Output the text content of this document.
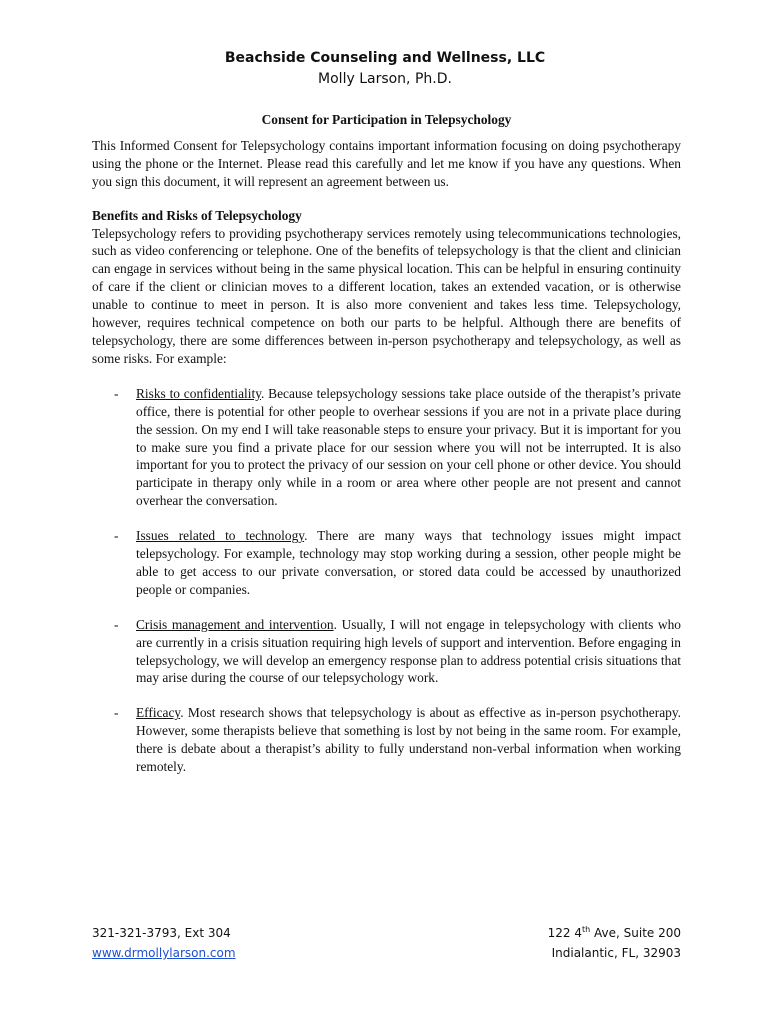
Beachside Counseling and Wellness, LLC
Molly Larson, Ph.D.

Consent for Participation in Telepsychology

This Informed Consent for Telepsychology contains important information focusing on doing psychotherapy using the phone or the Internet. Please read this carefully and let me know if you have any questions. When you sign this document, it will represent an agreement between us.

Benefits and Risks of Telepsychology

Telepsychology refers to providing psychotherapy services remotely using telecommunications technologies, such as video conferencing or telephone. One of the benefits of telepsychology is that the client and clinician can engage in services without being in the same physical location. This can be helpful in ensuring continuity of care if the client or clinician moves to a different location, takes an extended vacation, or is otherwise unable to continue to meet in person. It is also more convenient and takes less time. Telepsychology, however, requires technical competence on both our parts to be helpful. Although there are benefits of telepsychology, there are some differences between in-person psychotherapy and telepsychology, as well as some risks. For example:

-	Risks to confidentiality. Because telepsychology sessions take place outside of the therapist’s private office, there is potential for other people to overhear sessions if you are not in a private place during the session. On my end I will take reasonable steps to ensure your privacy. But it is important for you to make sure you find a private place for our session where you will not be interrupted. It is also important for you to protect the privacy of our session on your cell phone or other device. You should participate in therapy only while in a room or area where other people are not present and cannot overhear the conversation.
-	Issues related to technology. There are many ways that technology issues might impact telepsychology. For example, technology may stop working during a session, other people might be able to get access to our private conversation, or stored data could be accessed by unauthorized people or companies.
-	Crisis management and intervention. Usually, I will not engage in telepsychology with clients who are currently in a crisis situation requiring high levels of support and intervention. Before engaging in telepsychology, we will develop an emergency response plan to address potential crisis situations that may arise during the course of our telepsychology work.
-	Efficacy. Most research shows that telepsychology is about as effective as in-person psychotherapy. However, some therapists believe that something is lost by not being in the same room. For example, there is debate about a therapist’s ability to fully understand non-verbal information when working remotely.
321-321-3793, Ext 304
www.drmollylarson.com
122 4th Ave, Suite 200
Indialantic, FL, 32903
